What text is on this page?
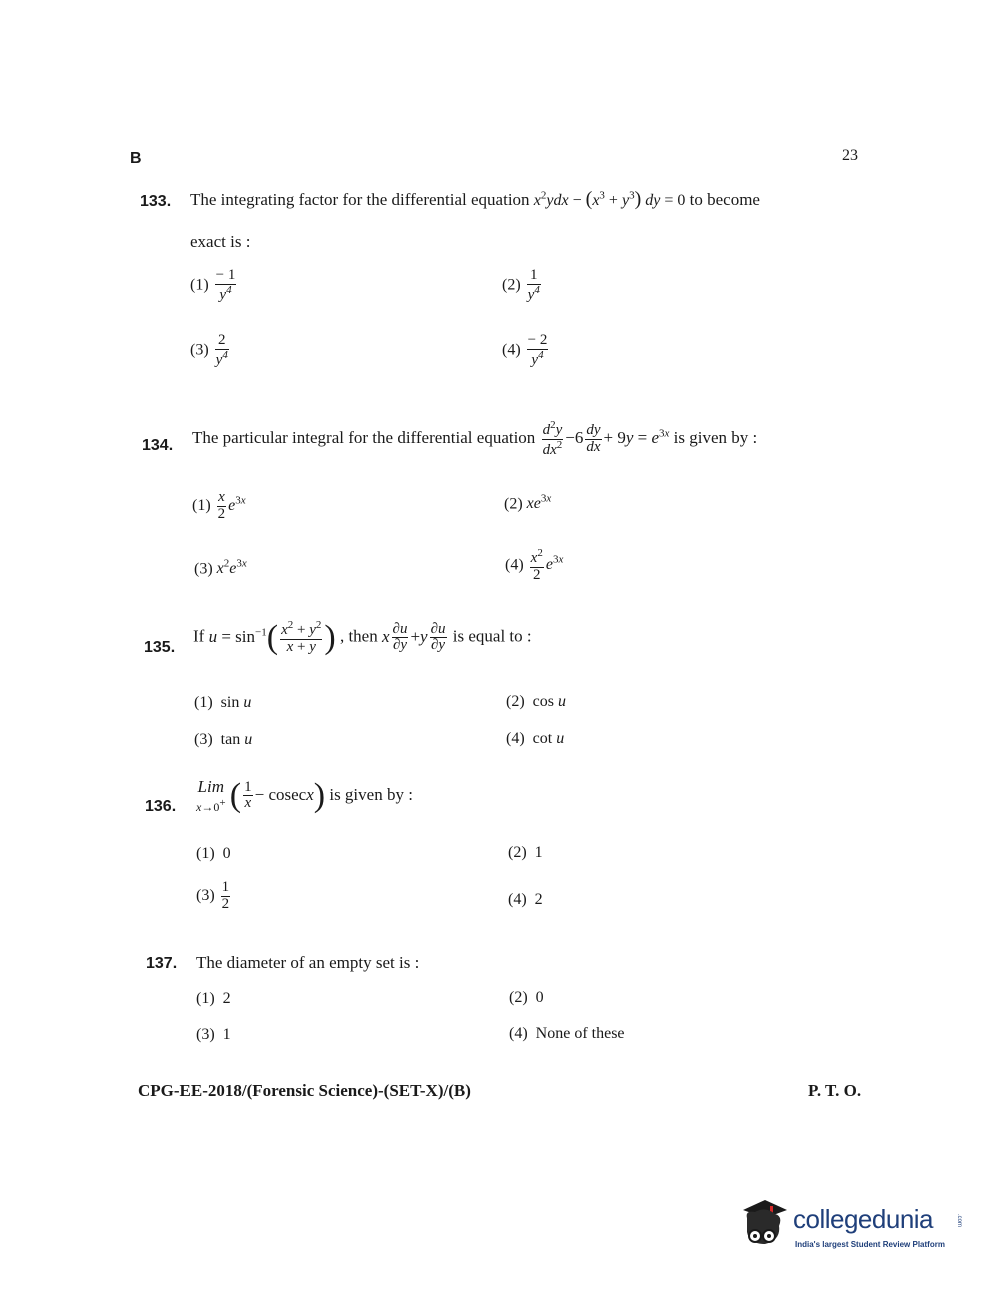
B	23
133. The integrating factor for the differential equation $x^2ydx - (x^3 + y^3)$ dy = 0 to become
exact is :
$(1) \frac{- 1}{y^4}$	$(2) \frac{1}{y^4}$
$(3) \frac{2}{y^4}$	$(4) \frac{- 2}{y^4}$
134. The particular integral for the differential equation $\frac{d^2y}{dx^2} -6 \frac{dy}{dx} + 9y = e^{3x}$ is given by :
$(1) \frac{x}{2} e^{3x}$	(2) $xe^{3x}$
(3) $x^2e^{3x}$	$(4) \frac{x^2}{2} e^{3x}$
135.
If $u = \sin^{-1}( \frac{x^2 + y^2}{x + y}$ ) , then x $\frac{\partial u}{\partial y} +y \frac{\partial u}{\partial y}$ is equal to :
(1) sin u	(2) cos u
(3) tan u	(4) cot u
136.
Lim
x→0+ ( $\frac{1}{x} - cosecx$) is given by :
(1) 0	(2) 1
$(3) \frac{1}{2}$	(4) 2
137. The diameter of an empty set is :
(1) 2	(2) 0
(3) 1	(4) None of these
CPG-EE-2018/(Forensic Science)-(SET-X)/(B)	P. T. O.
collegedunia	.com
India's largest Student Review Platform
